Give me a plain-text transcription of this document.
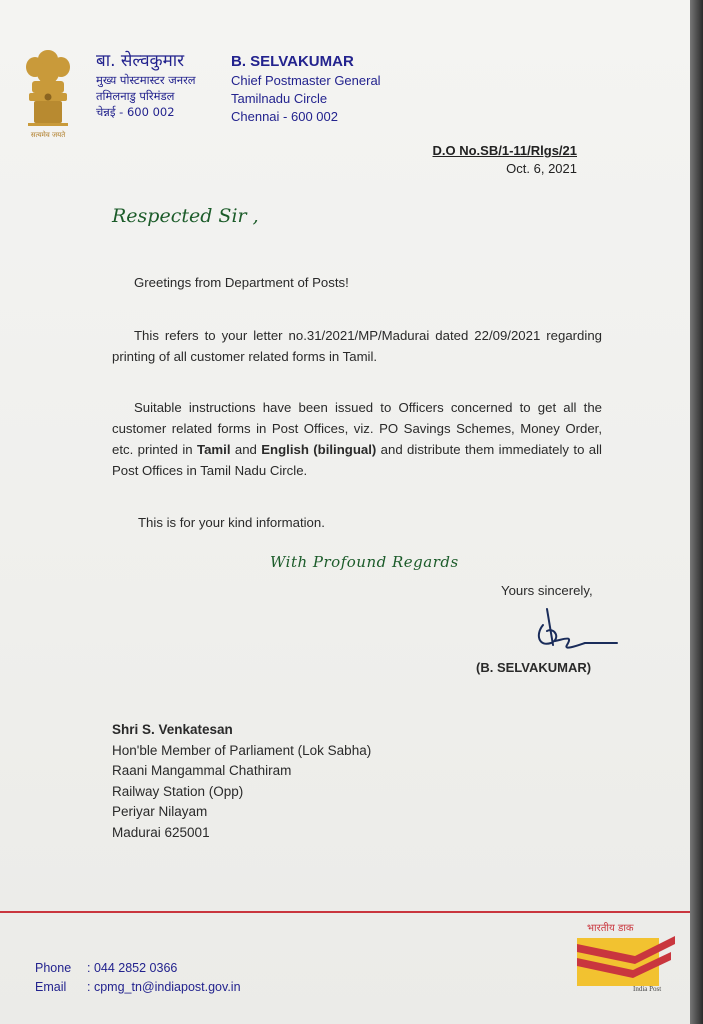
सत्यमेव जयते
बा. सेल्वकुमार
मुख्य पोस्टमास्टर जनरल
तमिलनाडु परिमंडल
चेन्नई - 600 002
B. SELVAKUMAR
Chief Postmaster General
Tamilnadu Circle
Chennai - 600 002
D.O No.SB/1-11/Rlgs/21
Oct. 6, 2021
Respected Sir ,
Greetings from Department of Posts!
This refers to your letter no.31/2021/MP/Madurai dated 22/09/2021 regarding printing of all customer related forms in Tamil.
Suitable instructions have been issued to Officers concerned to get all the customer related forms in Post Offices, viz. PO Savings Schemes, Money Order, etc. printed in Tamil and English (bilingual) and distribute them immediately to all Post Offices in Tamil Nadu Circle.
This is for your kind information.
With Profound Regards
Yours sincerely,
(B. SELVAKUMAR)
Shri S. Venkatesan
Hon'ble Member of Parliament (Lok Sabha)
Raani Mangammal Chathiram
Railway Station (Opp)
Periyar Nilayam
Madurai 625001
Phone : 044 2852 0366
Email : cpmg_tn@indiapost.gov.in
भारतीय डाक
India Post
